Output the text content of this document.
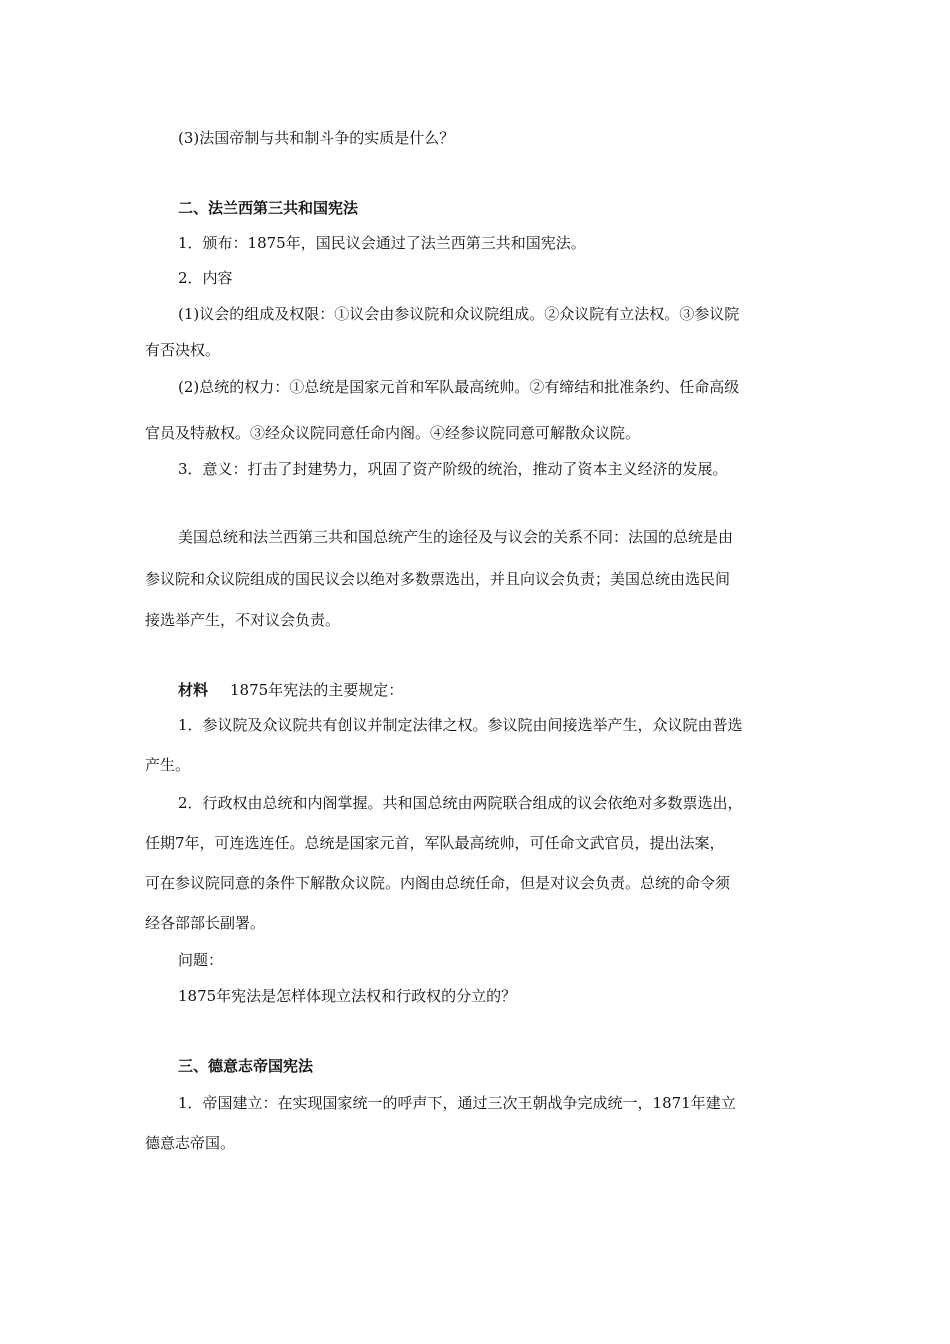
(3)法国帝制与共和制斗争的实质是什么？
二、法兰西第三共和国宪法
1．颁布：1875年，国民议会通过了法兰西第三共和国宪法。
2．内容
(1)议会的组成及权限：①议会由参议院和众议院组成。②众议院有立法权。③参议院
有否决权。
(2)总统的权力：①总统是国家元首和军队最高统帅。②有缔结和批准条约、任命高级
官员及特赦权。③经众议院同意任命内阁。④经参议院同意可解散众议院。
3．意义：打击了封建势力，巩固了资产阶级的统治，推动了资本主义经济的发展。
美国总统和法兰西第三共和国总统产生的途径及与议会的关系不同：法国的总统是由
参议院和众议院组成的国民议会以绝对多数票选出，并且向议会负责；美国总统由选民间
接选举产生，不对议会负责。
材料 1875年宪法的主要规定：
1．参议院及众议院共有创议并制定法律之权。参议院由间接选举产生，众议院由普选
产生。
2．行政权由总统和内阁掌握。共和国总统由两院联合组成的议会依绝对多数票选出，
任期7年，可连选连任。总统是国家元首，军队最高统帅，可任命文武官员，提出法案，
可在参议院同意的条件下解散众议院。内阁由总统任命，但是对议会负责。总统的命令须
经各部部长副署。
问题：
1875年宪法是怎样体现立法权和行政权的分立的？
三、德意志帝国宪法
1．帝国建立：在实现国家统一的呼声下，通过三次王朝战争完成统一，1871年建立
德意志帝国。
